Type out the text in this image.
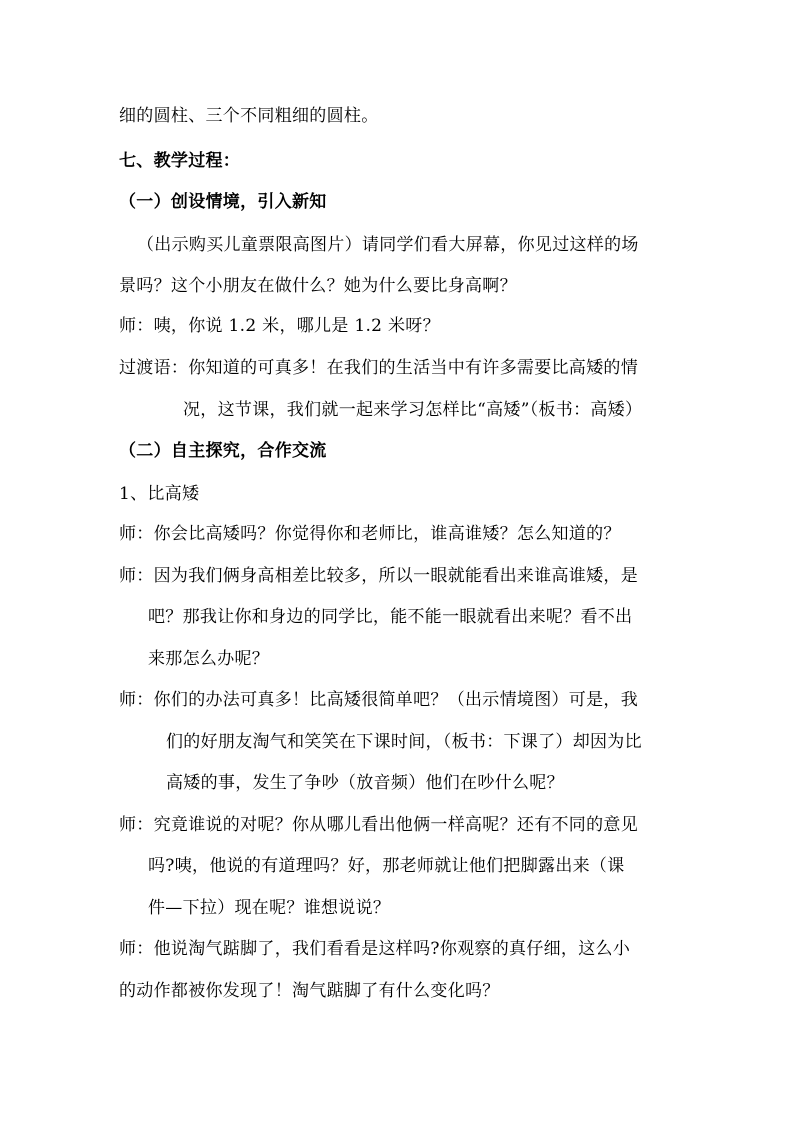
细的圆柱、三个不同粗细的圆柱。
七、教学过程：
（一）创设情境，引入新知
（出示购买儿童票限高图片）请同学们看大屏幕，你见过这样的场
景吗？这个小朋友在做什么？她为什么要比身高啊？
师：咦，你说 1.2 米，哪儿是 1.2 米呀？
过渡语：你知道的可真多！在我们的生活当中有许多需要比高矮的情
况，这节课，我们就一起来学习怎样比“高矮”（板书：高矮）
（二）自主探究，合作交流
1、比高矮
师：你会比高矮吗？你觉得你和老师比，谁高谁矮？怎么知道的？
师：因为我们俩身高相差比较多，所以一眼就能看出来谁高谁矮，是
吧？那我让你和身边的同学比，能不能一眼就看出来呢？看不出
来那怎么办呢？
师：你们的办法可真多！比高矮很简单吧？（出示情境图）可是，我
们的好朋友淘气和笑笑在下课时间，（板书：下课了）却因为比
高矮的事，发生了争吵（放音频）他们在吵什么呢？
师：究竟谁说的对呢？你从哪儿看出他俩一样高呢？还有不同的意见
吗?咦，他说的有道理吗？好，那老师就让他们把脚露出来（课
件—下拉）现在呢？谁想说说？
师：他说淘气踮脚了，我们看看是这样吗?你观察的真仔细，这么小
的动作都被你发现了！淘气踮脚了有什么变化吗？
